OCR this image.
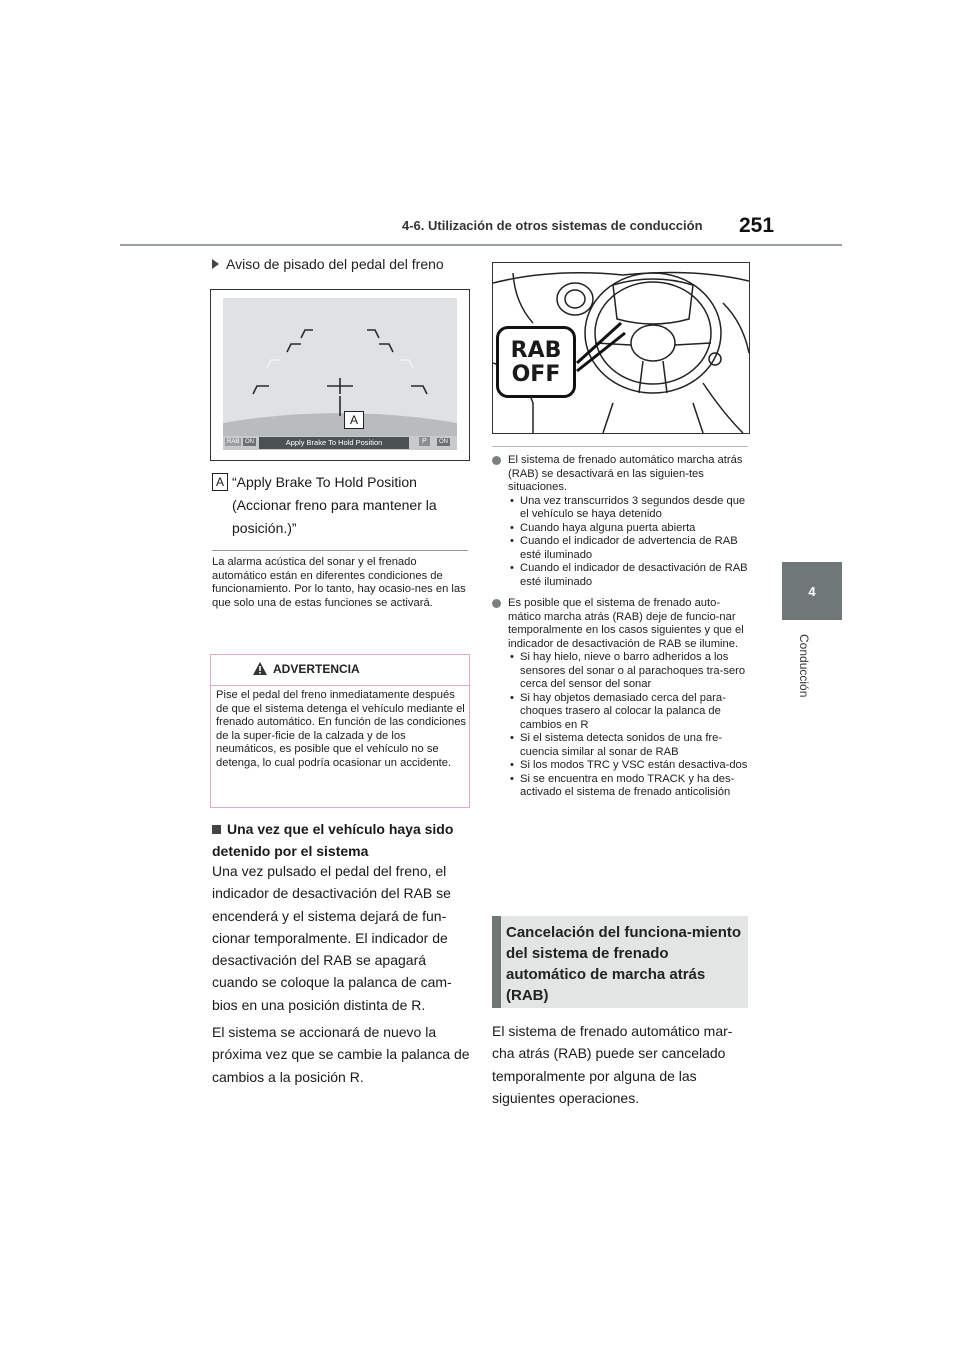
4-6. Utilización de otros sistemas de conducción 251
4
Conducción
Aviso de pisado del pedal del freno
A
RAB ON	Apply Brake To Hold Position	P	ON
A “Apply Brake To Hold Position (Accionar freno para mantener la posición.)”
La alarma acústica del sonar y el frenado automático están en diferentes condiciones de funcionamiento. Por lo tanto, hay ocasio-nes en las que solo una de estas funciones se activará.
ADVERTENCIA
Pise el pedal del freno inmediatamente después de que el sistema detenga el vehículo mediante el frenado automático. En función de las condiciones de la super-ficie de la calzada y de los neumáticos, es posible que el vehículo no se detenga, lo cual podría ocasionar un accidente.
Una vez que el vehículo haya sido detenido por el sistema

Una vez pulsado el pedal del freno, el indicador de desactivación del RAB se encenderá y el sistema dejará de fun-cionar temporalmente. El indicador de desactivación del RAB se apagará cuando se coloque la palanca de cam-bios en una posición distinta de R.

El sistema se accionará de nuevo la próxima vez que se cambie la palanca de cambios a la posición R.

RAB
OFF
El sistema de frenado automático marcha atrás (RAB) se desactivará en las siguien-tes situaciones.
• Una vez transcurridos 3 segundos desde que el vehículo se haya detenido
• Cuando haya alguna puerta abierta
• Cuando el indicador de advertencia de RAB esté iluminado
• Cuando el indicador de desactivación de RAB esté iluminado
Es posible que el sistema de frenado auto-mático marcha atrás (RAB) deje de funcio-nar temporalmente en los casos siguientes y que el indicador de desactivación de RAB se ilumine.
• Si hay hielo, nieve o barro adheridos a los sensores del sonar o al parachoques tra-sero cerca del sensor del sonar
• Si hay objetos demasiado cerca del para-choques trasero al colocar la palanca de cambios en R
• Si el sistema detecta sonidos de una fre-cuencia similar al sonar de RAB
• Si los modos TRC y VSC están desactiva-dos
• Si se encuentra en modo TRACK y ha des-activado el sistema de frenado anticolisión
Cancelación del funciona-miento del sistema de frenado automático de marcha atrás (RAB)
El sistema de frenado automático mar-cha atrás (RAB) puede ser cancelado temporalmente por alguna de las siguientes operaciones.
